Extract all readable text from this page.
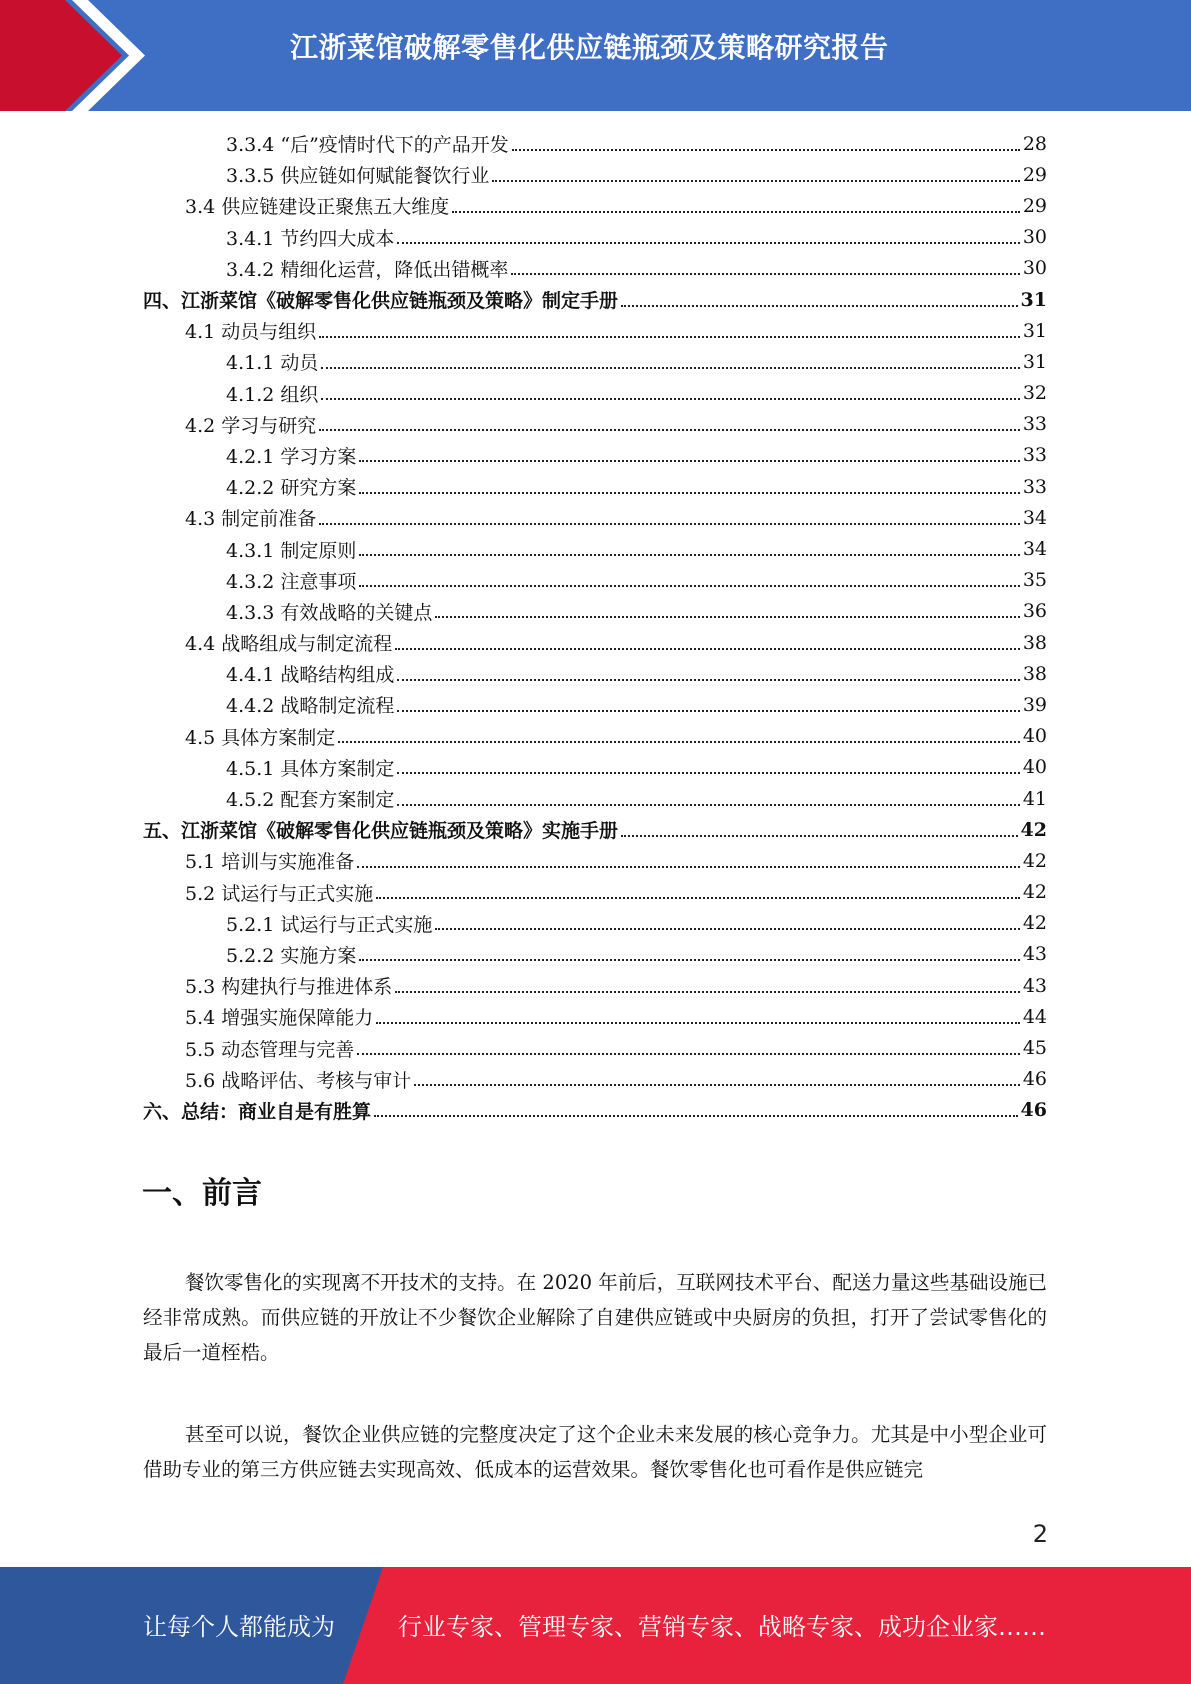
江浙菜馆破解零售化供应链瓶颈及策略研究报告
3.3.4 “后”疫情时代下的产品开发	28
3.3.5 供应链如何赋能餐饮行业	29
3.4 供应链建设正聚焦五大维度	29
3.4.1 节约四大成本	30
3.4.2 精细化运营，降低出错概率	30
四、江浙菜馆《破解零售化供应链瓶颈及策略》制定手册	31
4.1 动员与组织	31
4.1.1 动员	31
4.1.2 组织	32
4.2 学习与研究	33
4.2.1 学习方案	33
4.2.2 研究方案	33
4.3 制定前准备	34
4.3.1 制定原则	34
4.3.2 注意事项	35
4.3.3 有效战略的关键点	36
4.4 战略组成与制定流程	38
4.4.1 战略结构组成	38
4.4.2 战略制定流程	39
4.5 具体方案制定	40
4.5.1 具体方案制定	40
4.5.2 配套方案制定	41
五、江浙菜馆《破解零售化供应链瓶颈及策略》实施手册	42
5.1 培训与实施准备	42
5.2 试运行与正式实施	42
5.2.1 试运行与正式实施	42
5.2.2 实施方案	43
5.3 构建执行与推进体系	43
5.4 增强实施保障能力	44
5.5 动态管理与完善	45
5.6 战略评估、考核与审计	46
六、总结：商业自是有胜算	46
一、前言

餐饮零售化的实现离不开技术的支持。在 2020 年前后，互联网技术平台、配送力量这些基础设施已经非常成熟。而供应链的开放让不少餐饮企业解除了自建供应链或中央厨房的负担，打开了尝试零售化的最后一道桎梏。

甚至可以说，餐饮企业供应链的完整度决定了这个企业未来发展的核心竞争力。尤其是中小型企业可借助专业的第三方供应链去实现高效、低成本的运营效果。餐饮零售化也可看作是供应链完

2
让每个人都能成为	行业专家、管理专家、营销专家、战略专家、成功企业家……
